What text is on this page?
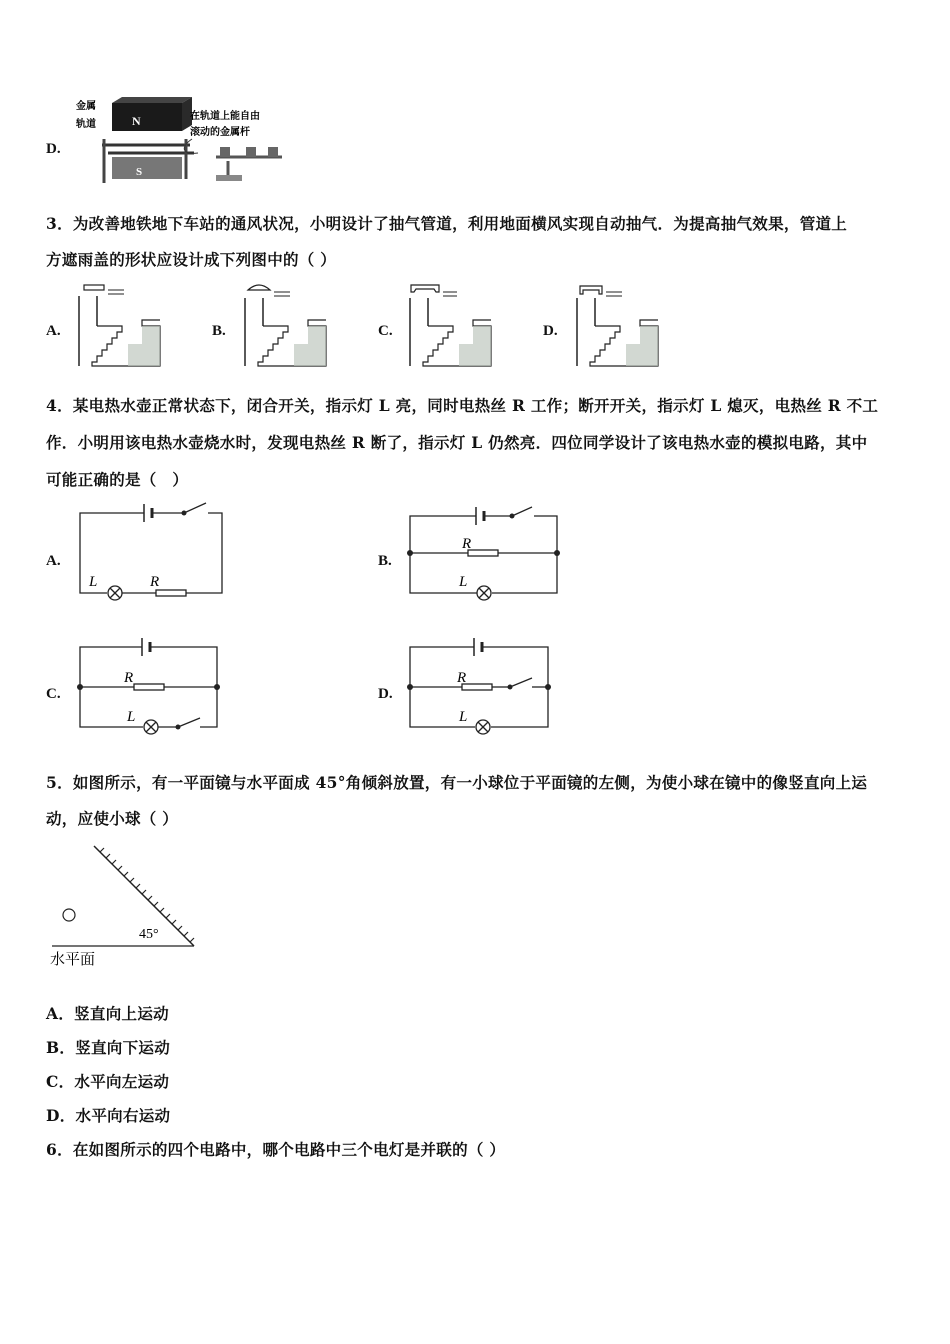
D.
金属
轨道	N
S
在轨道上能自由
滚动的金属杆
3．为改善地铁地下车站的通风状况，小明设计了抽气管道，利用地面横风实现自动抽气．为提高抽气效果，管道上
方遮雨盖的形状应设计成下列图中的（ ）
A.	B.	C.	D.
4．某电热水壶正常状态下，闭合开关，指示灯 L 亮，同时电热丝 R 工作；断开开关，指示灯 L 熄灭，电热丝 R 不工
作．小明用该电热水壶烧水时，发现电热丝 R 断了，指示灯 L 仍然亮．四位同学设计了该电热水壶的模拟电路，其中
可能正确的是（　）
A.
L	R
B.
R
L
C.
R
L
D.
R
L
5．如图所示，有一平面镜与水平面成 45°角倾斜放置，有一小球位于平面镜的左侧，为使小球在镜中的像竖直向上运
动，应使小球（ ）
45°
水平面
A．竖直向上运动
B．竖直向下运动
C．水平向左运动
D．水平向右运动
6．在如图所示的四个电路中，哪个电路中三个电灯是并联的（ ）
